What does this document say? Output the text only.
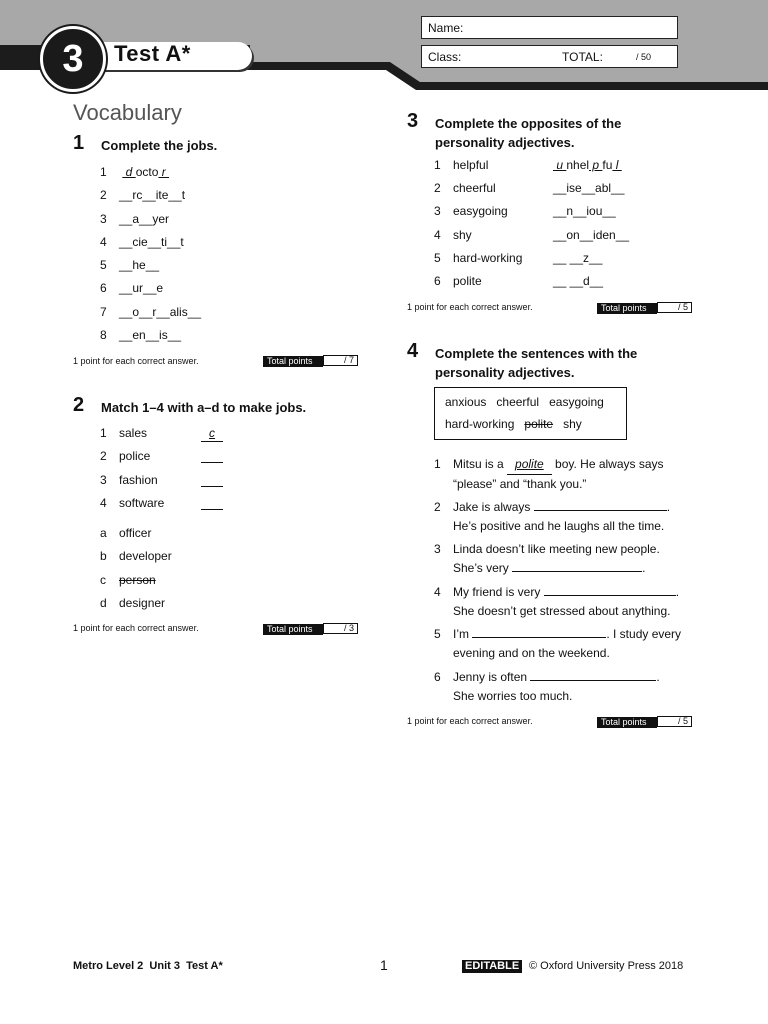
3	Test A*
Name:
Class:	TOTAL:	/ 50
Vocabulary
1 Complete the jobs.
1  d octo r
2 __rc__ite__t
3 __a__yer
4 __cie__ti__t
5 __he__
6 __ur__e
7 __o__r__alis__
8 __en__is__
1 point for each correct answer.	Total points	/ 7
2 Match 1–4 with a–d to make jobs.
1 sales	c
2 police
3 fashion
4 software
a officer
b developer
c person
d designer
1 point for each correct answer.	Total points	/ 3
3 Complete the opposites of the
personality adjectives.
1 helpful	u nhel p fu l
2 cheerful	__ise__abl__
3 easygoing	__n__iou__
4 shy	__on__iden__
5 hard-working	__ __z__
6 polite	__ __d__
1 point for each correct answer.	Total points	/ 5
4 Complete the sentences with the
personality adjectives.
anxious cheerful easygoing
hard-working polite shy
1 Mitsu is a polite boy. He always says
“please” and “thank you.”
2 Jake is always	.
He’s positive and he laughs all the time.
3 Linda doesn’t like meeting new people.
She’s very	.
4 My friend is very	.
She doesn’t get stressed about anything.
5 I’m	. I study every
evening and on the weekend.
6 Jenny is often	.
She worries too much.
1 point for each correct answer.	Total points	/ 5
Metro Level 2  Unit 3  Test A*	1	EDITABLE © Oxford University Press 2018
